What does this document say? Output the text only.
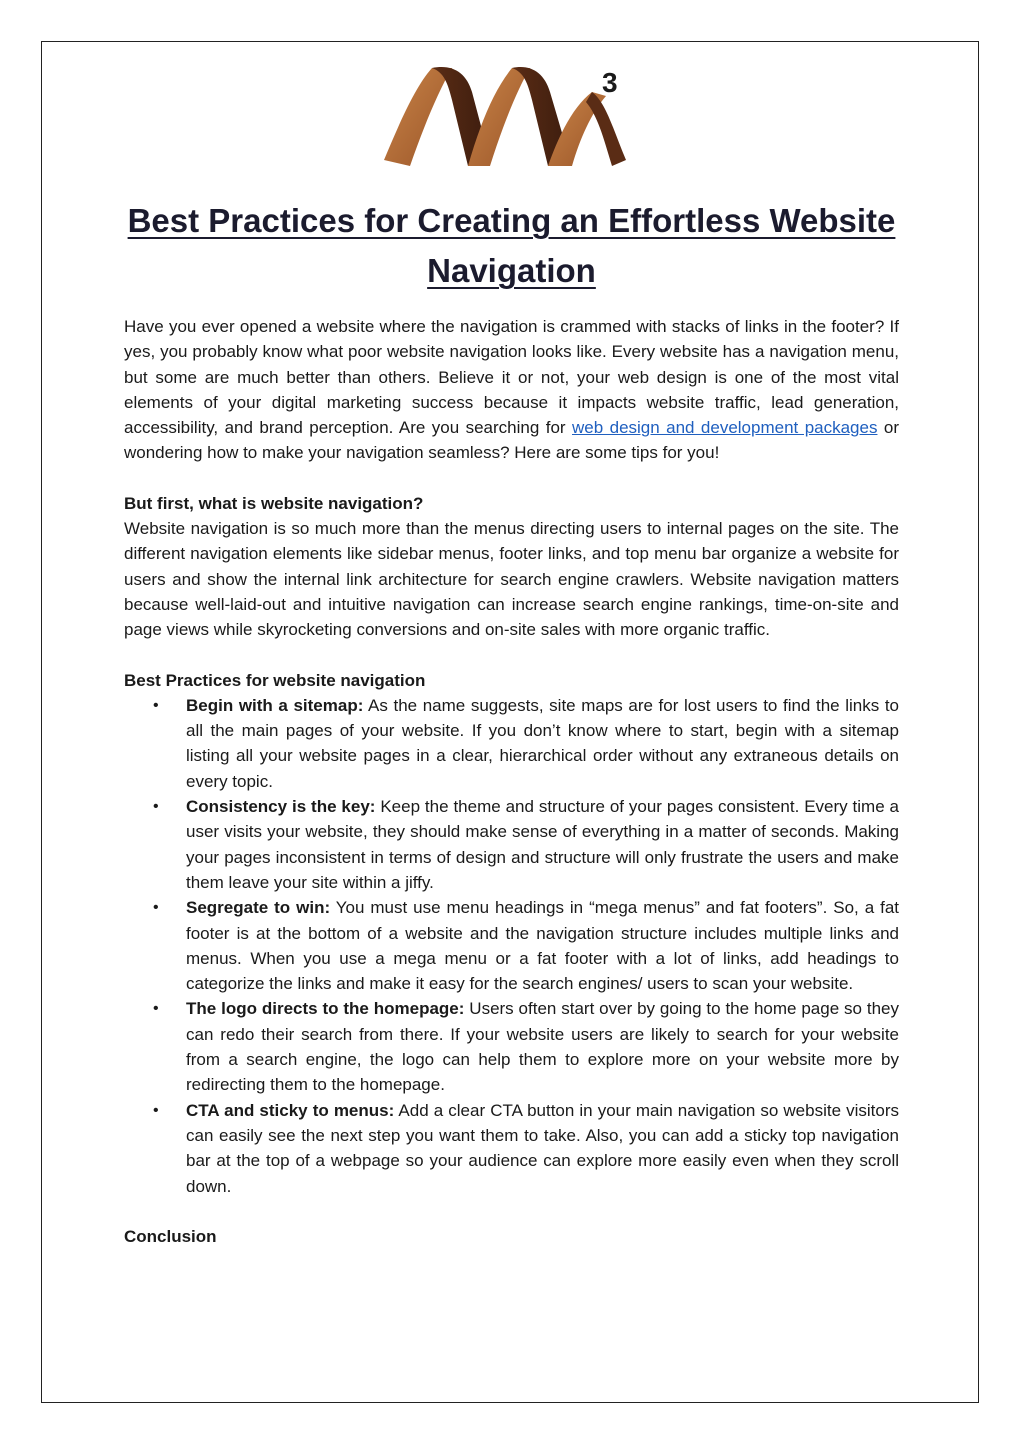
3
Best Practices for Creating an Effortless Website Navigation

Have you ever opened a website where the navigation is crammed with stacks of links in the footer? If yes, you probably know what poor website navigation looks like. Every website has a navigation menu, but some are much better than others. Believe it or not, your web design is one of the most vital elements of your digital marketing success because it impacts website traffic, lead generation, accessibility, and brand perception. Are you searching for web design and development packages or wondering how to make your navigation seamless? Here are some tips for you!

But first, what is website navigation?

Website navigation is so much more than the menus directing users to internal pages on the site. The different navigation elements like sidebar menus, footer links, and top menu bar organize a website for users and show the internal link architecture for search engine crawlers. Website navigation matters because well-laid-out and intuitive navigation can increase search engine rankings, time-on-site and page views while skyrocketing conversions and on-site sales with more organic traffic.

Best Practices for website navigation

• Begin with a sitemap: As the name suggests, site maps are for lost users to find the links to all the main pages of your website. If you don’t know where to start, begin with a sitemap listing all your website pages in a clear, hierarchical order without any extraneous details on every topic.
• Consistency is the key: Keep the theme and structure of your pages consistent. Every time a user visits your website, they should make sense of everything in a matter of seconds. Making your pages inconsistent in terms of design and structure will only frustrate the users and make them leave your site within a jiffy.
• Segregate to win: You must use menu headings in “mega menus” and fat footers”. So, a fat footer is at the bottom of a website and the navigation structure includes multiple links and menus. When you use a mega menu or a fat footer with a lot of links, add headings to categorize the links and make it easy for the search engines/ users to scan your website.
• The logo directs to the homepage: Users often start over by going to the home page so they can redo their search from there. If your website users are likely to search for your website from a search engine, the logo can help them to explore more on your website more by redirecting them to the homepage.
• CTA and sticky to menus: Add a clear CTA button in your main navigation so website visitors can easily see the next step you want them to take. Also, you can add a sticky top navigation bar at the top of a webpage so your audience can explore more easily even when they scroll down.

Conclusion
